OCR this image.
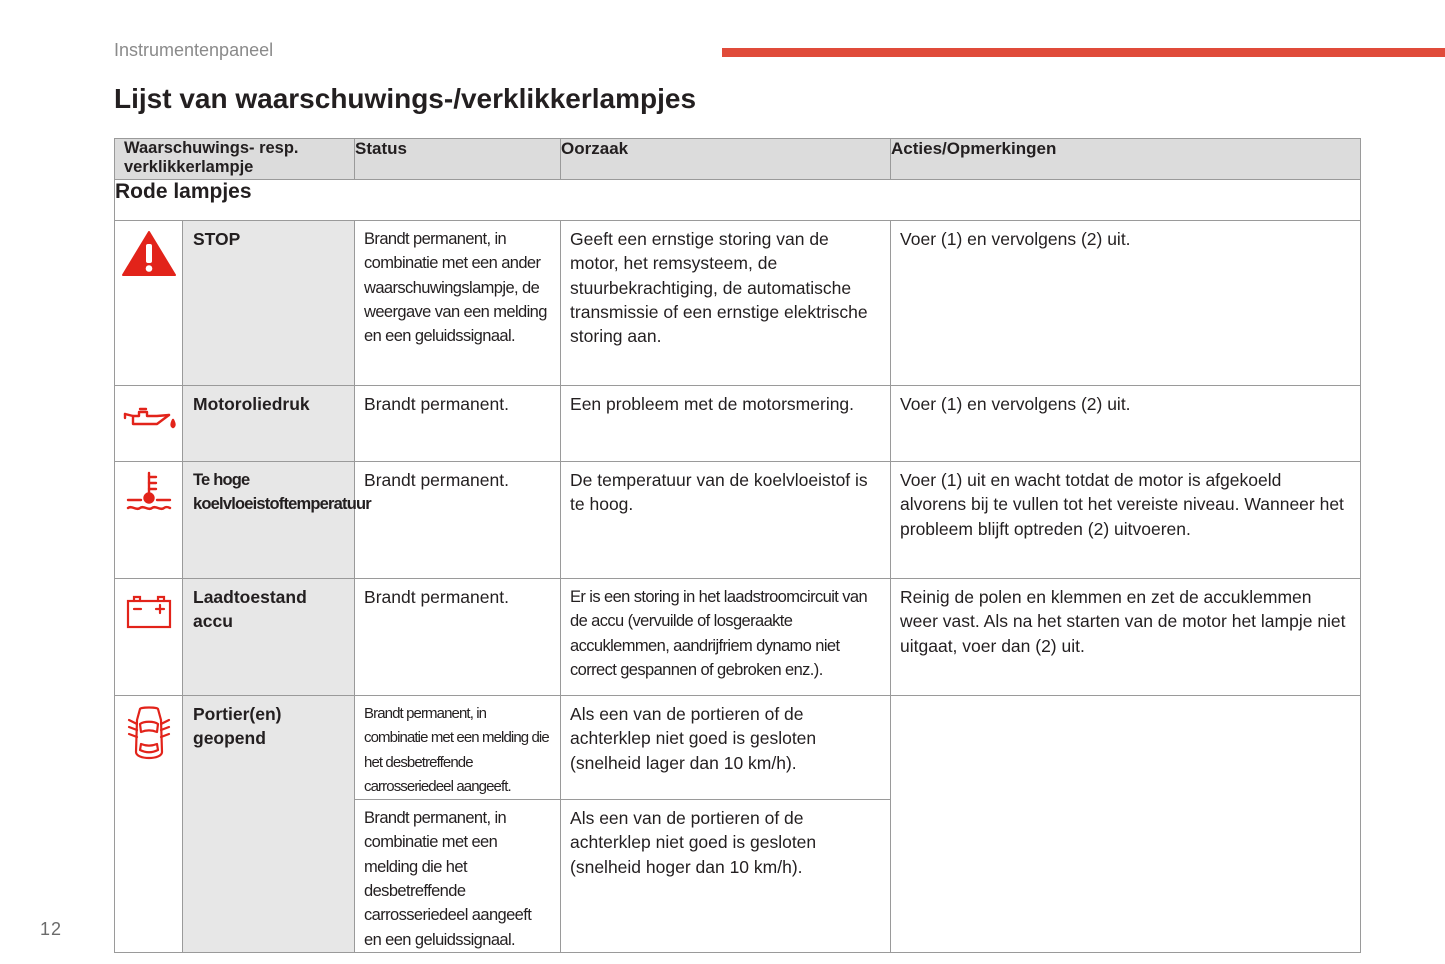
Instrumentenpaneel
Lijst van waarschuwings-/verklikkerlampjes
Waarschuwings- resp. verklikkerlampje		Status	Oorzaak	Acties/Opmerkingen
Rode lampjes				
	STOP	Brandt permanent, in combinatie met een ander waarschuwingslampje, de weergave van een melding en een geluidssignaal.	Geeft een ernstige storing van de motor, het remsysteem, de stuurbekrachtiging, de automatische transmissie of een ernstige elektrische storing aan.	Voer (1) en vervolgens (2) uit.
	Motoroliedruk	Brandt permanent.	Een probleem met de motorsmering.	Voer (1) en vervolgens (2) uit.
	Te hoge koelvloeistoftemperatuur	Brandt permanent.	De temperatuur van de koelvloeistof is te hoog.	Voer (1) uit en wacht totdat de motor is afgekoeld alvorens bij te vullen tot het vereiste niveau. Wanneer het probleem blijft optreden (2) uitvoeren.
	Laadtoestand accu	Brandt permanent.	Er is een storing in het laadstroomcircuit van de accu (vervuilde of losgeraakte accuklemmen, aandrijfriem dynamo niet correct gespannen of gebroken enz.).	Reinig de polen en klemmen en zet de accuklemmen weer vast. Als na het starten van de motor het lampje niet uitgaat, voer dan (2) uit.
	Portier(en) geopend	Brandt permanent, in combinatie met een melding die het desbetreffende carrosseriedeel aangeeft.	Als een van de portieren of de achterklep niet goed is gesloten (snelheid lager dan 10 km/h).	
		Brandt permanent, in combinatie met een melding die het desbetreffende carrosseriedeel aangeeft en een geluidssignaal.	Als een van de portieren of de achterklep niet goed is gesloten (snelheid hoger dan 10 km/h).	
12
